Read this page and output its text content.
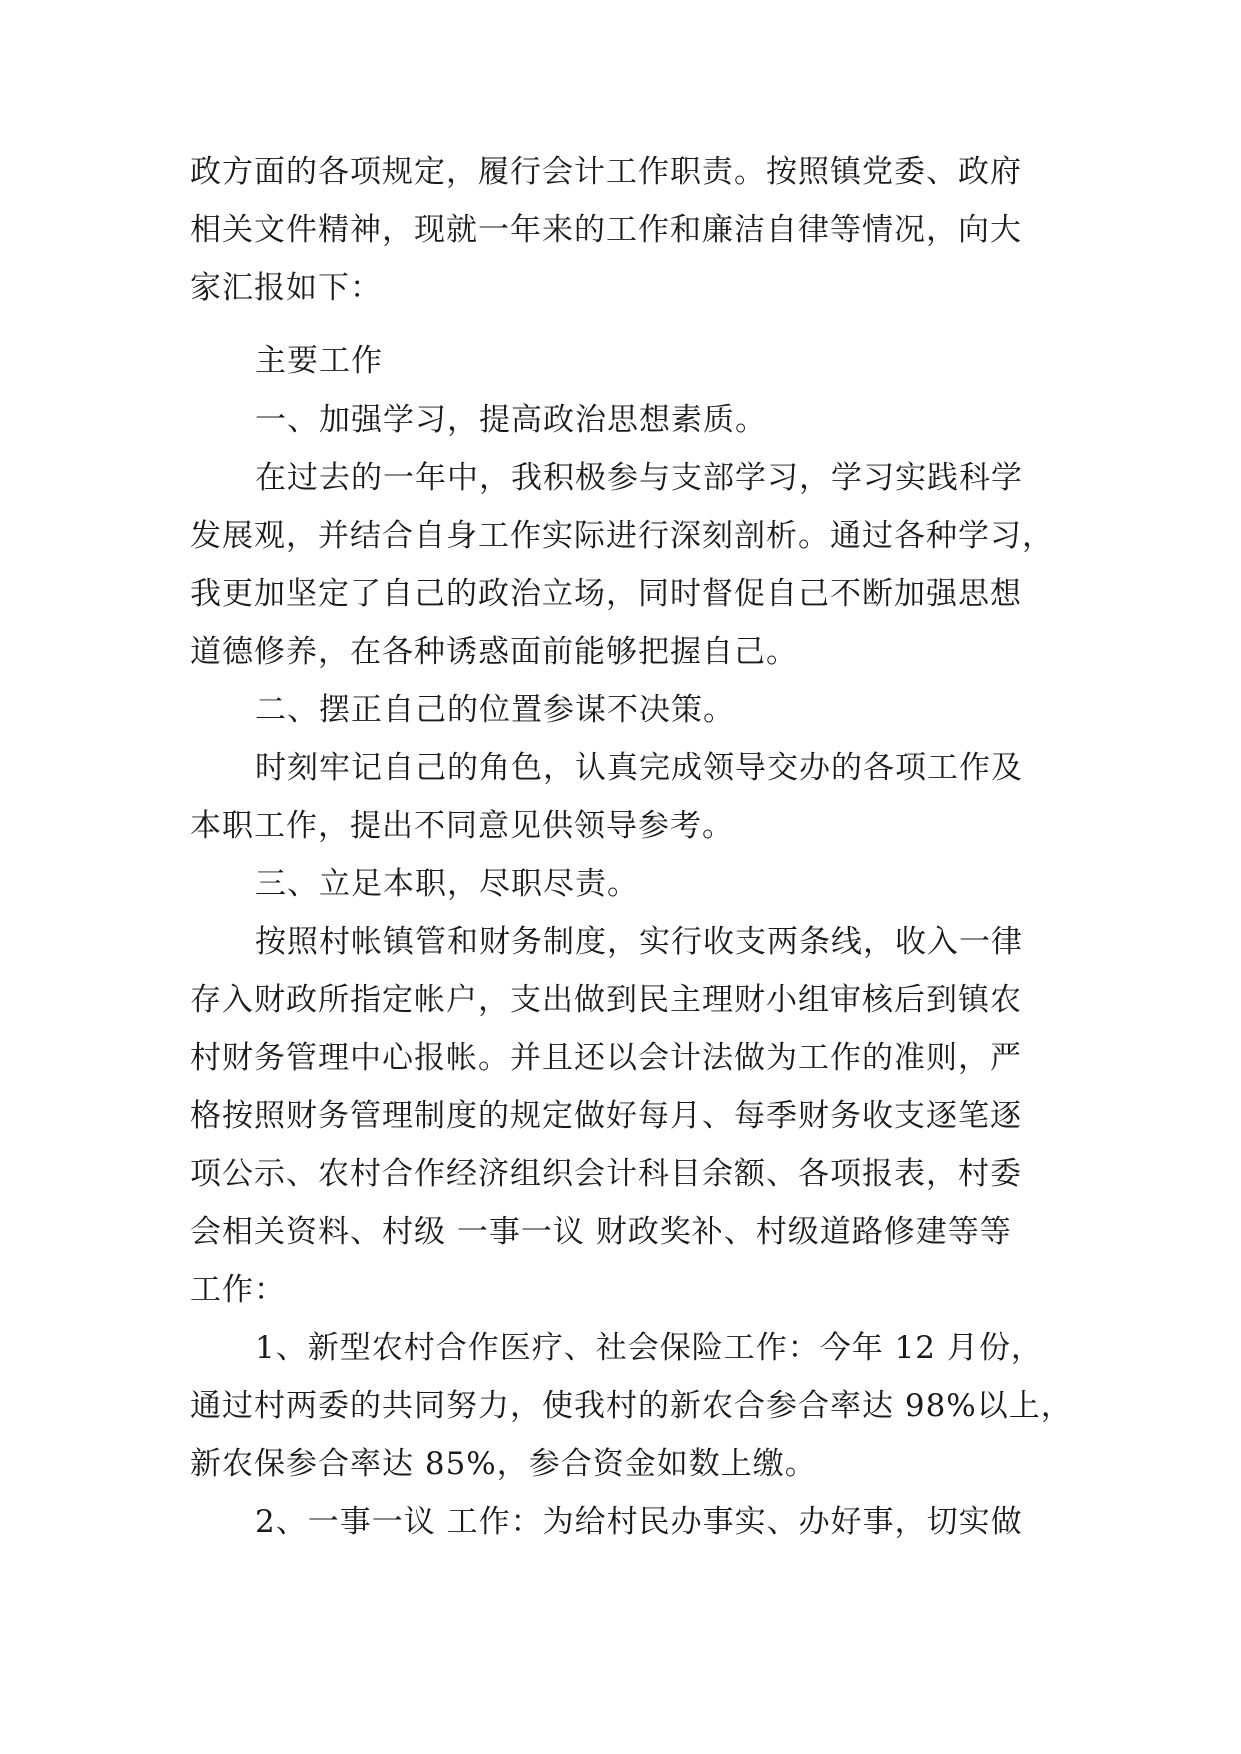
政方面的各项规定，履行会计工作职责。按照镇党委、政府
相关文件精神，现就一年来的工作和廉洁自律等情况，向大
家汇报如下：
主要工作
一、加强学习，提高政治思想素质。
在过去的一年中，我积极参与支部学习，学习实践科学
发展观，并结合自身工作实际进行深刻剖析。通过各种学习，
我更加坚定了自己的政治立场，同时督促自己不断加强思想
道德修养，在各种诱惑面前能够把握自己。
二、摆正自己的位置参谋不决策。
时刻牢记自己的角色，认真完成领导交办的各项工作及
本职工作，提出不同意见供领导参考。
三、立足本职，尽职尽责。
按照村帐镇管和财务制度，实行收支两条线，收入一律
存入财政所指定帐户，支出做到民主理财小组审核后到镇农
村财务管理中心报帐。并且还以会计法做为工作的准则，严
格按照财务管理制度的规定做好每月、每季财务收支逐笔逐
项公示、农村合作经济组织会计科目余额、各项报表，村委
会相关资料、村级 一事一议 财政奖补、村级道路修建等等
工作：
1、新型农村合作医疗、社会保险工作：今年 12 月份，
通过村两委的共同努力，使我村的新农合参合率达 98%以上，
新农保参合率达 85%，参合资金如数上缴。
2、一事一议 工作：为给村民办事实、办好事，切实做
